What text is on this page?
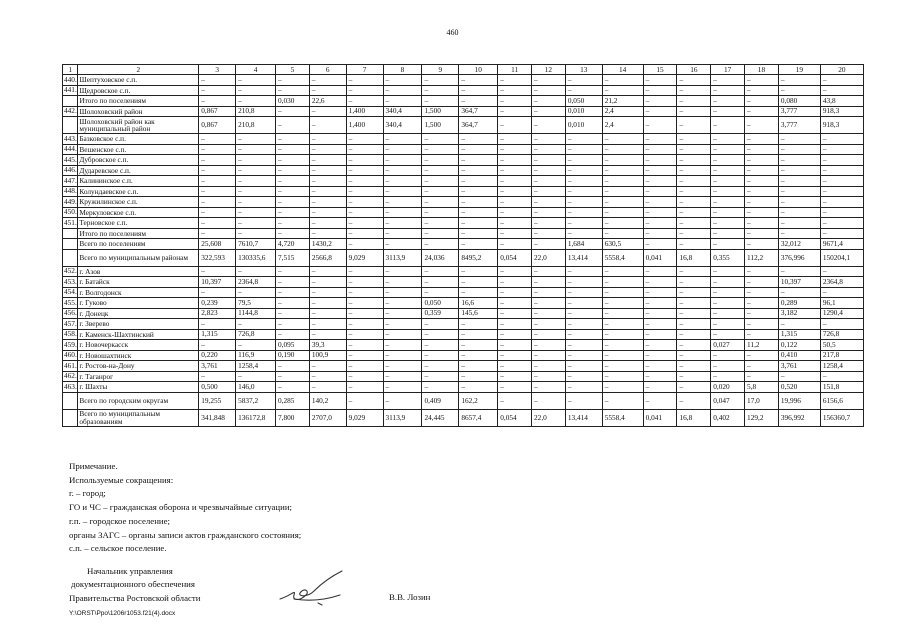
460
1	2	3	4	5	6	7	8	9	10	11	12	13	14	15	16	17	18	19	20
440.	Шептуховское с.п.	–	–	–	–	–	–	–	–	–	–	–	–	–	–	–	–	–	–
441.	Щедровское с.п.	–	–	–	–	–	–	–	–	–	–	–	–	–	–	–	–	–	–
	Итого по поселениям	–	–	0,030	22,6	–	–	–	–	–	–	0,050	21,2	–	–	–	–	0,080	43,8
442.	Шолоховский район	0,867	210,8	–	–	1,400	340,4	1,500	364,7	–	–	0,010	2,4	–	–	–	–	3,777	918,3
	Шолоховский район как муниципальный район	0,867	210,8	–	–	1,400	340,4	1,500	364,7	–	–	0,010	2,4	–	–	–	–	3,777	918,3
443.	Базковское с.п.	–	–	–	–	–	–	–	–	–	–	–	–	–	–	–	–	–	–
444.	Вешенское с.п.	–	–	–	–	–	–	–	–	–	–	–	–	–	–	–	–	–	–
445.	Дубровское с.п.	–	–	–	–	–	–	–	–	–	–	–	–	–	–	–	–	–	–
446.	Дударевское с.п.	–	–	–	–	–	–	–	–	–	–	–	–	–	–	–	–	–	–
447.	Калининское с.п.	–	–	–	–	–	–	–	–	–	–	–	–	–	–	–	–	–	–
448.	Колундаевское с.п.	–	–	–	–	–	–	–	–	–	–	–	–	–	–	–	–	–	–
449.	Кружилинское с.п.	–	–	–	–	–	–	–	–	–	–	–	–	–	–	–	–	–	–
450.	Меркуловское с.п.	–	–	–	–	–	–	–	–	–	–	–	–	–	–	–	–	–	–
451.	Терновское с.п.	–	–	–	–	–	–	–	–	–	–	–	–	–	–	–	–	–	–
	Итого по поселениям	–	–	–	–	–	–	–	–	–	–	–	–	–	–	–	–	–	–
	Всего по поселениям	25,608	7610,7	4,720	1430,2	–	–	–	–	–	–	1,684	630,5	–	–	–	–	32,012	9671,4
	Всего по муниципальным районам	322,593	130335,6	7,515	2566,8	9,029	3113,9	24,036	8495,2	0,054	22,0	13,414	5558,4	0,041	16,8	0,355	112,2	376,996	150204,1
452.	г. Азов	–	–	–	–	–	–	–	–	–	–	–	–	–	–	–	–	–	–
453.	г. Батайск	10,397	2364,8	–	–	–	–	–	–	–	–	–	–	–	–	–	–	10,397	2364,8
454.	г. Волгодонск	–	–	–	–	–	–	–	–	–	–	–	–	–	–	–	–	–	–
455.	г. Гуково	0,239	79,5	–	–	–	–	0,050	16,6	–	–	–	–	–	–	–	–	0,289	96,1
456.	г. Донецк	2,823	1144,8	–	–	–	–	0,359	145,6	–	–	–	–	–	–	–	–	3,182	1290,4
457.	г. Зверево	–	–	–	–	–	–	–	–	–	–	–	–	–	–	–	–	–	–
458.	г. Каменск-Шахтинский	1,315	726,8	–	–	–	–	–	–	–	–	–	–	–	–	–	–	1,315	726,8
459.	г. Новочеркасск	–	–	0,095	39,3	–	–	–	–	–	–	–	–	–	–	0,027	11,2	0,122	50,5
460.	г. Новошахтинск	0,220	116,9	0,190	100,9	–	–	–	–	–	–	–	–	–	–	–	–	0,410	217,8
461.	г. Ростов-на-Дону	3,761	1258,4	–	–	–	–	–	–	–	–	–	–	–	–	–	–	3,761	1258,4
462.	г. Таганрог	–	–	–	–	–	–	–	–	–	–	–	–	–	–	–	–	–	–
463.	г. Шахты	0,500	146,0	–	–	–	–	–	–	–	–	–	–	–	–	0,020	5,8	0,520	151,8
	Всего по городским округам	19,255	5837,2	0,285	140,2	–	–	0,409	162,2	–	–	–	–	–	–	0,047	17,0	19,996	6156,6
	Всего по муниципальным образованиям	341,848	136172,8	7,800	2707,0	9,029	3113,9	24,445	8657,4	0,054	22,0	13,414	5558,4	0,041	16,8	0,402	129,2	396,992	156360,7
Примечание.
Используемые сокращения:
г. – город;
ГО и ЧС – гражданская оборона и чрезвычайные ситуации;
г.п. – городское поселение;
органы ЗАГС – органы записи актов гражданского состояния;
с.п. – сельское поселение.
Начальник управления
документационного обеспечения
Правительства Ростовской области	В.В. Лозин
Y:\ORST\Ppo\1206r1053.f21(4).docx
